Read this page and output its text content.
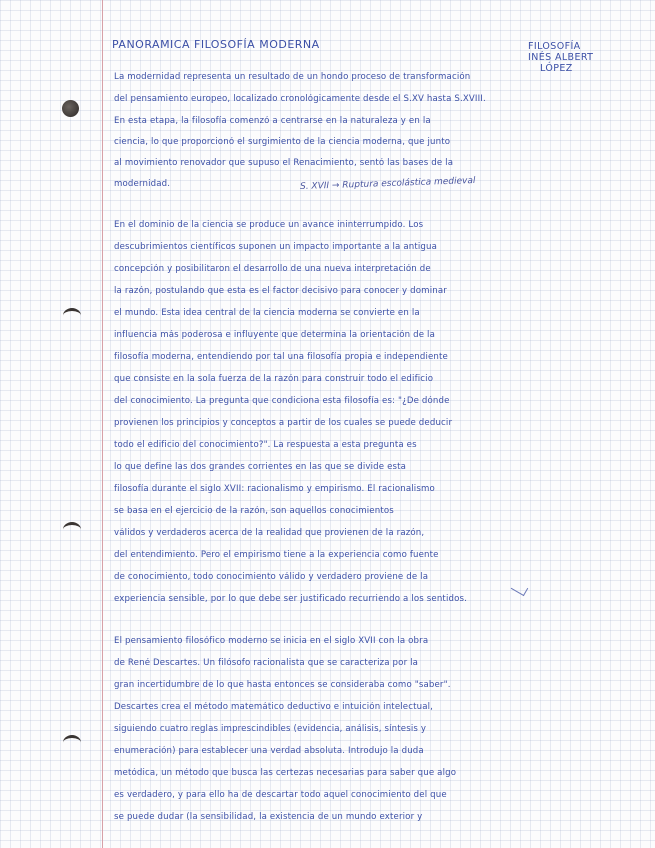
PANORAMICA FILOSOFÍA MODERNA	FILOSOFÍA
INÉS ALBERT
LÓPEZ
La modernidad representa un resultado de un hondo proceso de transformación
del pensamiento europeo, localizado cronológicamente desde el S.XV hasta S.XVIII.
En esta etapa, la filosofía comenzó a centrarse en la naturaleza y en la
ciencia, lo que proporcionó el surgimiento de la ciencia moderna, que junto
al movimiento renovador que supuso el Renacimiento, sentó las bases de la
modernidad.	S. XVII → Ruptura escolástica medieval
En el dominio de la ciencia se produce un avance ininterrumpido. Los
descubrimientos científicos suponen un impacto importante a la antigua
concepción y posibilitaron el desarrollo de una nueva interpretación de
la razón, postulando que esta es el factor decisivo para conocer y dominar
el mundo. Esta idea central de la ciencia moderna se convierte en la
influencia más poderosa e influyente que determina la orientación de la
filosofía moderna, entendiendo por tal una filosofía propia e independiente
que consiste en la sola fuerza de la razón para construir todo el edificio
del conocimiento. La pregunta que condiciona esta filosofía es: "¿De dónde
provienen los principios y conceptos a partir de los cuales se puede deducir
todo el edificio del conocimiento?". La respuesta a esta pregunta es
lo que define las dos grandes corrientes en las que se divide esta
filosofía durante el siglo XVII: racionalismo y empirismo. El racionalismo
se basa en el ejercicio de la razón, son aquellos conocimientos
válidos y verdaderos acerca de la realidad que provienen de la razón,
del entendimiento. Pero el empirismo tiene a la experiencia como fuente
de conocimiento, todo conocimiento válido y verdadero proviene de la
experiencia sensible, por lo que debe ser justificado recurriendo a los sentidos.
El pensamiento filosófico moderno se inicia en el siglo XVII con la obra
de René Descartes. Un filósofo racionalista que se caracteriza por la
gran incertidumbre de lo que hasta entonces se consideraba como "saber".
Descartes crea el método matemático deductivo e intuición intelectual,
siguiendo cuatro reglas imprescindibles (evidencia, análisis, síntesis y
enumeración) para establecer una verdad absoluta. Introdujo la duda
metódica, un método que busca las certezas necesarias para saber que algo
es verdadero, y para ello ha de descartar todo aquel conocimiento del que
se puede dudar (la sensibilidad, la existencia de un mundo exterior y
